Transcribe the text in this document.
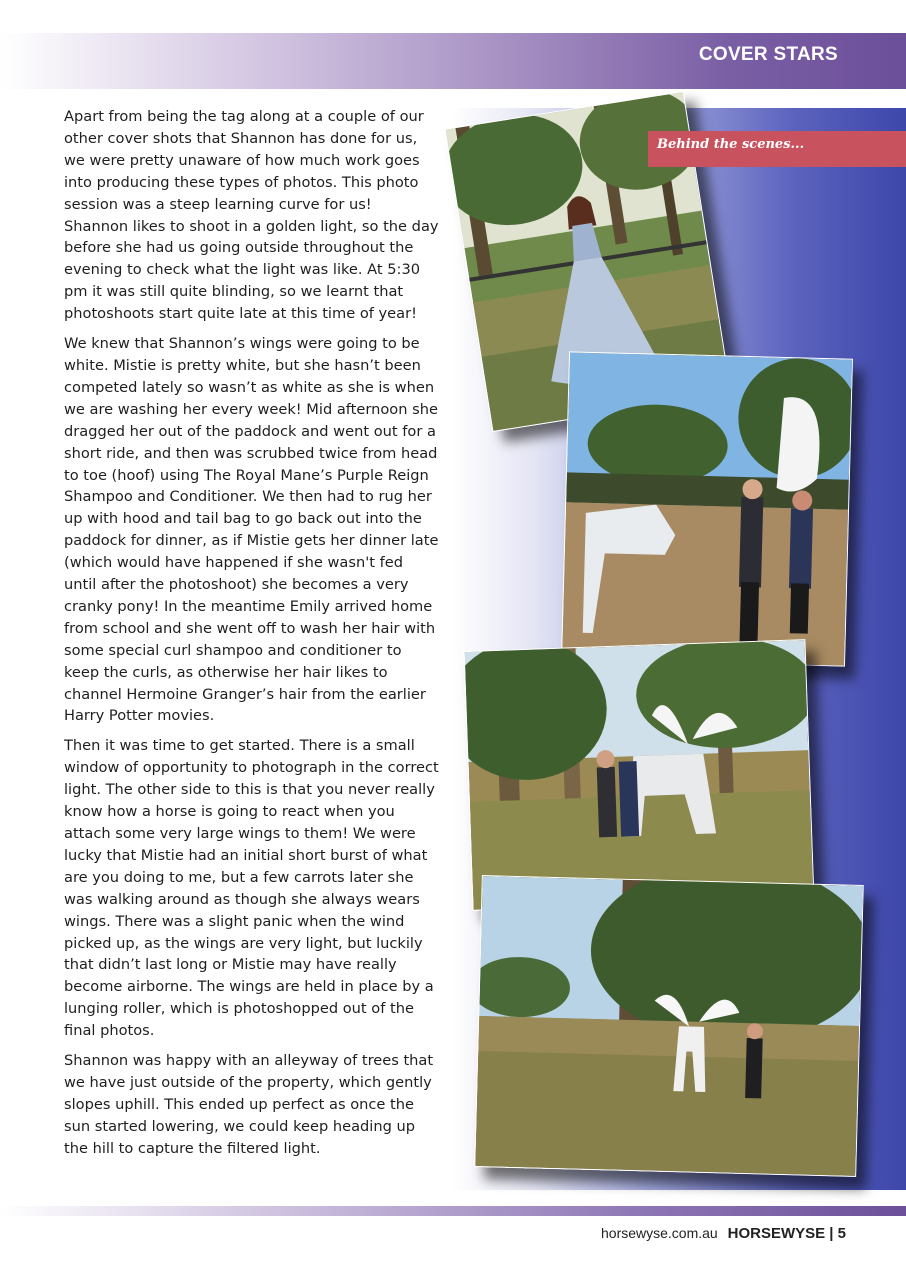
COVER STARS

Apart from being the tag along at a couple of our other cover shots that Shannon has done for us, we were pretty unaware of how much work goes into producing these types of photos. This photo session was a steep learning curve for us! Shannon likes to shoot in a golden light, so the day before she had us going outside throughout the evening to check what the light was like. At 5:30 pm it was still quite blinding, so we learnt that photoshoots start quite late at this time of year!

We knew that Shannon’s wings were going to be white. Mistie is pretty white, but she hasn’t been competed lately so wasn’t as white as she is when we are washing her every week! Mid afternoon she dragged her out of the paddock and went out for a short ride, and then was scrubbed twice from head to toe (hoof) using The Royal Mane’s Purple Reign Shampoo and Conditioner. We then had to rug her up with hood and tail bag to go back out into the paddock for dinner, as if Mistie gets her dinner late (which would have happened if she wasn't fed until after the photoshoot) she becomes a very cranky pony! In the meantime Emily arrived home from school and she went off to wash her hair with some special curl shampoo and conditioner to keep the curls, as otherwise her hair likes to channel Hermoine Granger’s hair from the earlier Harry Potter movies.

Then it was time to get started. There is a small window of opportunity to photograph in the correct light. The other side to this is that you never really know how a horse is going to react when you attach some very large wings to them! We were lucky that Mistie had an initial short burst of what are you doing to me, but a few carrots later she was walking around as though she always wears wings. There was a slight panic when the wind picked up, as the wings are very light, but luckily that didn’t last long or Mistie may have really become airborne. The wings are held in place by a lunging roller, which is photoshopped out of the final photos.

Shannon was happy with an alleyway of trees that we have just outside of the property, which gently slopes uphill. This ended up perfect as once the sun started lowering, we could keep heading up the hill to capture the filtered light.

Behind the scenes...
horsewyse.com.au HORSEWYSE | 5
